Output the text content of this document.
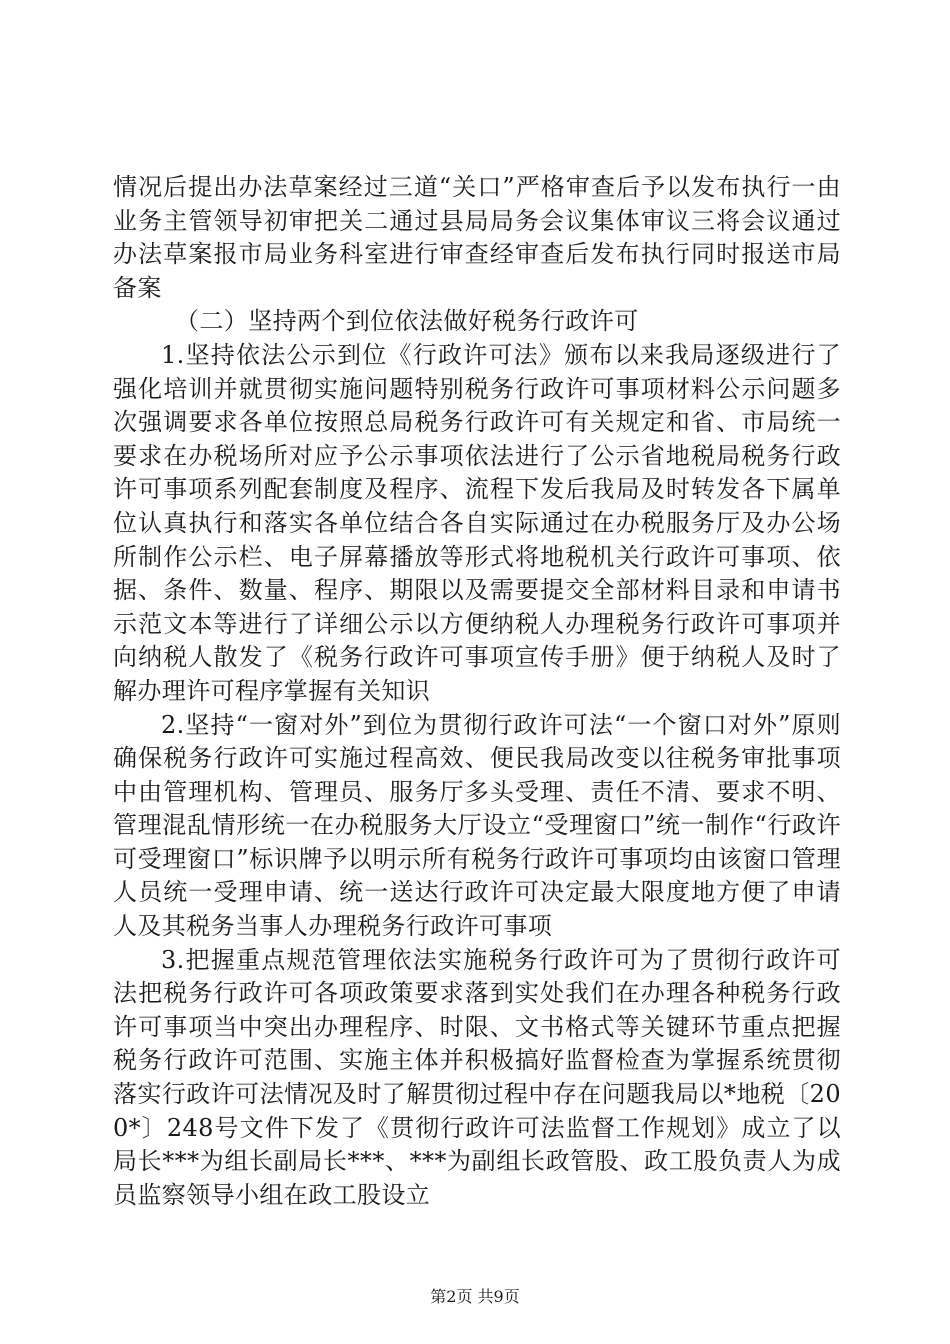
情况后提出办法草案经过三道“关口”严格审查后予以发布执行一由业务主管领导初审把关二通过县局局务会议集体审议三将会议通过办法草案报市局业务科室进行审查经审查后发布执行同时报送市局备案

（二）坚持两个到位依法做好税务行政许可

1.坚持依法公示到位《行政许可法》颁布以来我局逐级进行了强化培训并就贯彻实施问题特别税务行政许可事项材料公示问题多次强调要求各单位按照总局税务行政许可有关规定和省、市局统一要求在办税场所对应予公示事项依法进行了公示省地税局税务行政许可事项系列配套制度及程序、流程下发后我局及时转发各下属单位认真执行和落实各单位结合各自实际通过在办税服务厅及办公场所制作公示栏、电子屏幕播放等形式将地税机关行政许可事项、依据、条件、数量、程序、期限以及需要提交全部材料目录和申请书示范文本等进行了详细公示以方便纳税人办理税务行政许可事项并向纳税人散发了《税务行政许可事项宣传手册》便于纳税人及时了解办理许可程序掌握有关知识

2.坚持“一窗对外”到位为贯彻行政许可法“一个窗口对外”原则确保税务行政许可实施过程高效、便民我局改变以往税务审批事项中由管理机构、管理员、服务厅多头受理、责任不清、要求不明、管理混乱情形统一在办税服务大厅设立“受理窗口”统一制作“行政许可受理窗口”标识牌予以明示所有税务行政许可事项均由该窗口管理人员统一受理申请、统一送达行政许可决定最大限度地方便了申请人及其税务当事人办理税务行政许可事项

3.把握重点规范管理依法实施税务行政许可为了贯彻行政许可法把税务行政许可各项政策要求落到实处我们在办理各种税务行政许可事项当中突出办理程序、时限、文书格式等关键环节重点把握税务行政许可范围、实施主体并积极搞好监督检查为掌握系统贯彻落实行政许可法情况及时了解贯彻过程中存在问题我局以*地税〔200*〕248号文件下发了《贯彻行政许可法监督工作规划》成立了以局长***为组长副局长***、***为副组长政管股、政工股负责人为成员监察领导小组在政工股设立

第2页 共9页
